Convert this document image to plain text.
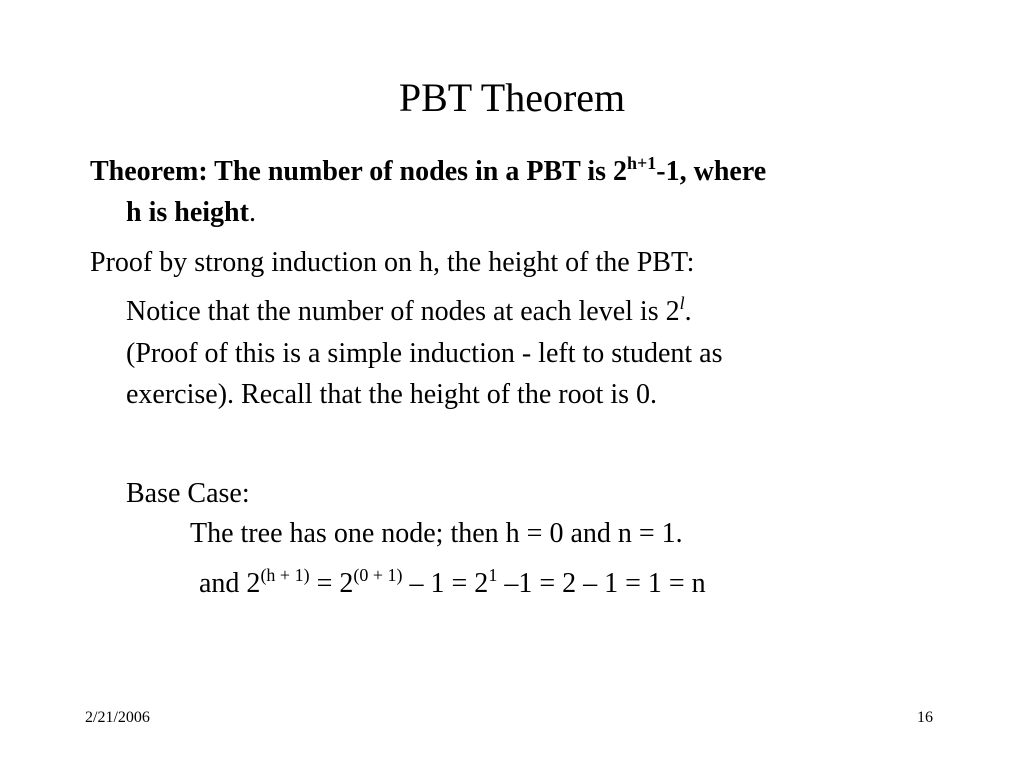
PBT Theorem
Theorem: The number of nodes in a PBT is $2^{h+1}-1$, where
h is height.
Proof by strong induction on h, the height of the PBT:
Notice that the number of nodes at each level is 2$^l$.
(Proof of this is a simple induction - left to student as
exercise). Recall that the height of the root is 0.
Base Case:
The tree has one node; then h = 0 and n = 1.
and $2^{(h + 1)} = 2^{(0 + 1)} - 1 = 2^1$ –1 = 2 – 1 = 1 = n
2/21/2006	16
